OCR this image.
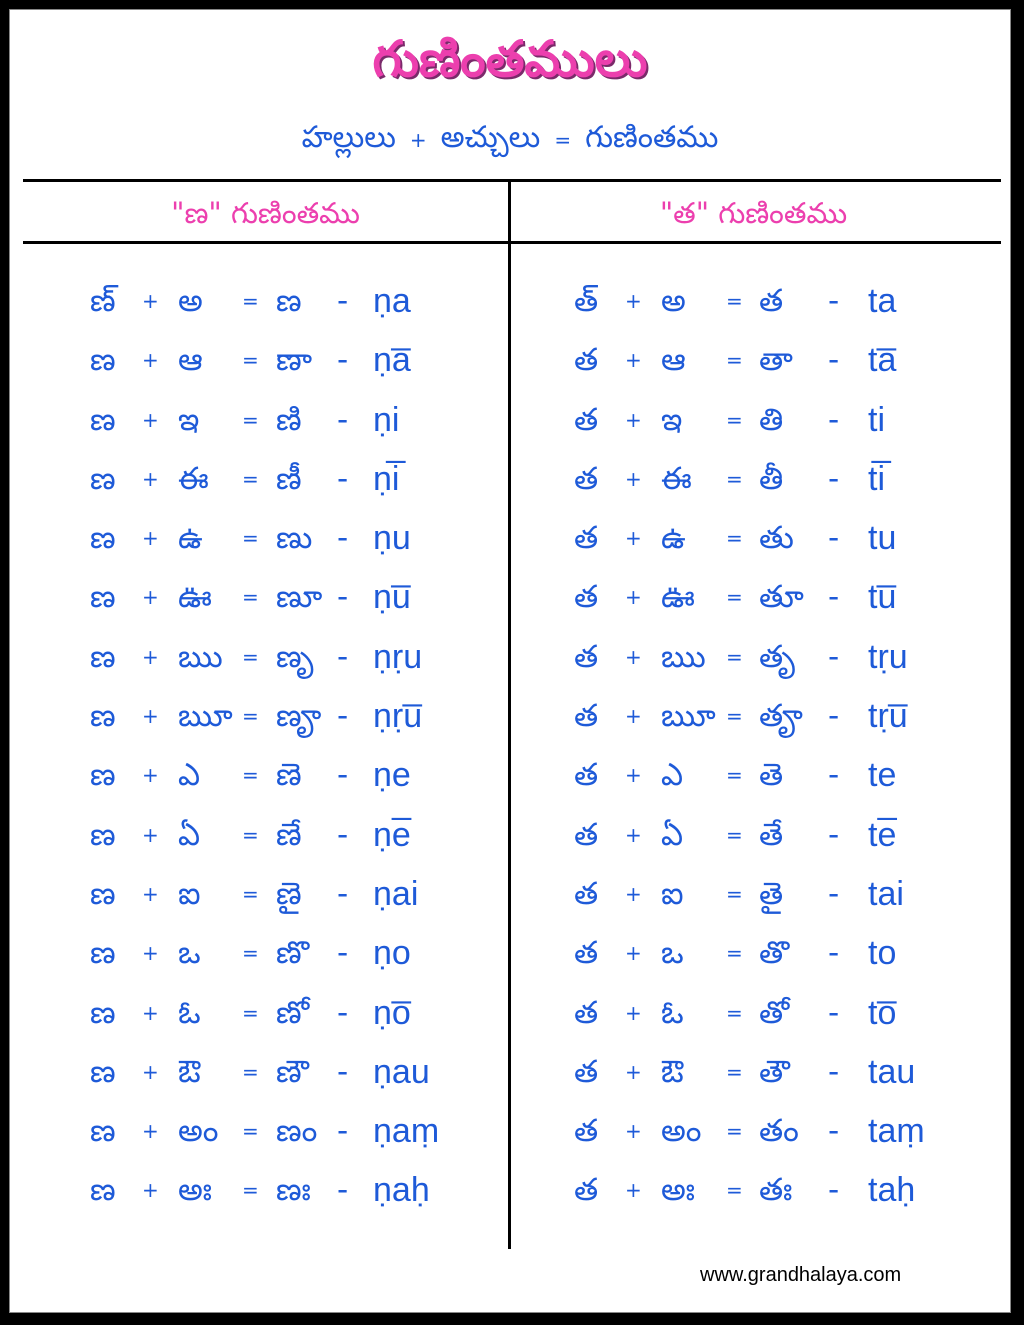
గుణింతములు
హల్లులు + అచ్చులు = గుణింతము
"ణ" గుణింతము	"త" గుణింతము
ణ్ + అ = ణ - ṇa
ణ + ఆ = ణా - ṇa̅
ణ + ఇ = ణి - ṇi
ణ + ఈ = ణీ - ṇi̅
ణ + ఉ = ణు - ṇu
ణ + ఊ = ణూ - ṇu̅
ణ + ఋ = ణృ - ṇṛu
ణ + ౠ = ణౄ - ṇṛu̅
ణ + ఎ = ణె - ṇe
ణ + ఏ = ణే - ṇe̅
ణ + ఐ = ణై - ṇai
ణ + ఒ = ణొ - ṇo
ణ + ఓ = ణో - ṇo̅
ణ + ఔ = ణౌ - ṇau
ణ + అం = ణం - ṇaṃ
ణ + అః = ణః - ṇaḥ
త్ + అ = త - ta
త + ఆ = తా - ta̅
త + ఇ = తి - ti
త + ఈ = తీ - ti̅
త + ఉ = తు - tu
త + ఊ = తూ - tu̅
త + ఋ = తృ - tṛu
త + ౠ = తౄ - tṛu̅
త + ఎ = తె - te
త + ఏ = తే - te̅
త + ఐ = తై - tai
త + ఒ = తొ - to
త + ఓ = తో - to̅
త + ఔ = తౌ - tau
త + అం = తం - taṃ
త + అః = తః - taḥ
www.grandhalaya.com
